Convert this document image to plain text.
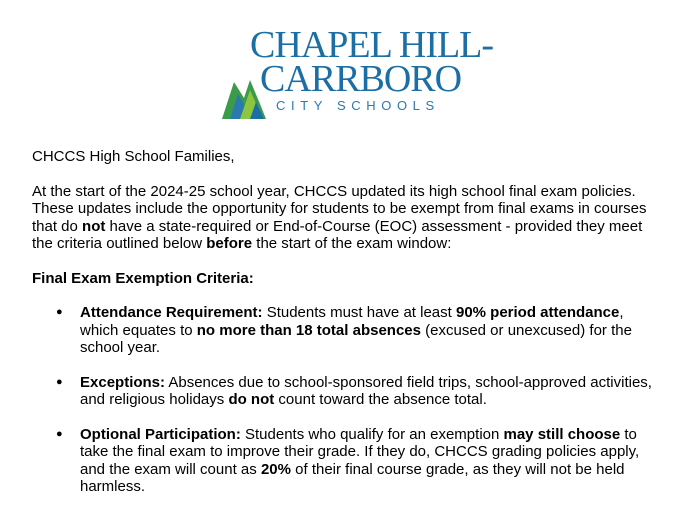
CHAPEL HILL-
CARRBORO
CITY SCHOOLS

CHCCS High School Families,

At the start of the 2024-25 school year, CHCCS updated its high school final exam policies. These updates include the opportunity for students to be exempt from final exams in courses that do not have a state-required or End-of-Course (EOC) assessment - provided they meet the criteria outlined below before the start of the exam window:

Final Exam Exemption Criteria:

● Attendance Requirement: Students must have at least 90% period attendance, which equates to no more than 18 total absences (excused or unexcused) for the school year.
● Exceptions: Absences due to school-sponsored field trips, school-approved activities, and religious holidays do not count toward the absence total.
● Optional Participation: Students who qualify for an exemption may still choose to take the final exam to improve their grade. If they do, CHCCS grading policies apply, and the exam will count as 20% of their final course grade, as they will not be held harmless.
